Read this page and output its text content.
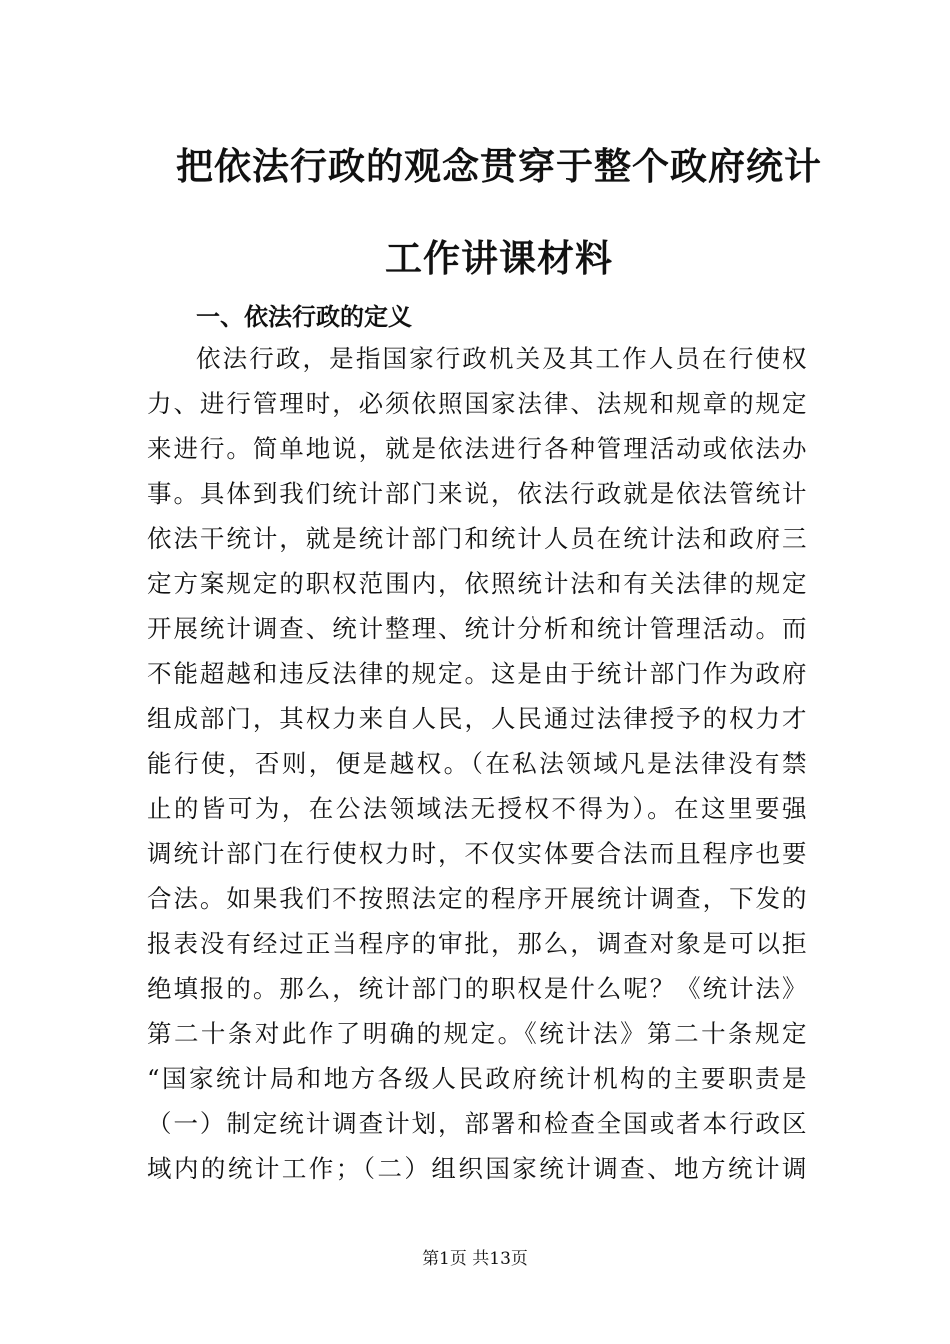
把依法行政的观念贯穿于整个政府统计
工作讲课材料
一、依法行政的定义
依法行政，是指国家行政机关及其工作人员在行使权
力、进行管理时，必须依照国家法律、法规和规章的规定
来进行。简单地说，就是依法进行各种管理活动或依法办
事。具体到我们统计部门来说，依法行政就是依法管统计
依法干统计，就是统计部门和统计人员在统计法和政府三
定方案规定的职权范围内，依照统计法和有关法律的规定
开展统计调查、统计整理、统计分析和统计管理活动。而
不能超越和违反法律的规定。这是由于统计部门作为政府
组成部门，其权力来自人民，人民通过法律授予的权力才
能行使，否则，便是越权。（在私法领域凡是法律没有禁
止的皆可为，在公法领域法无授权不得为）。在这里要强
调统计部门在行使权力时，不仅实体要合法而且程序也要
合法。如果我们不按照法定的程序开展统计调查，下发的
报表没有经过正当程序的审批，那么，调查对象是可以拒
绝填报的。那么，统计部门的职权是什么呢？《统计法》
第二十条对此作了明确的规定。《统计法》第二十条规定
“国家统计局和地方各级人民政府统计机构的主要职责是
（一）制定统计调查计划，部署和检查全国或者本行政区
域内的统计工作；（二）组织国家统计调查、地方统计调
第1页 共13页
